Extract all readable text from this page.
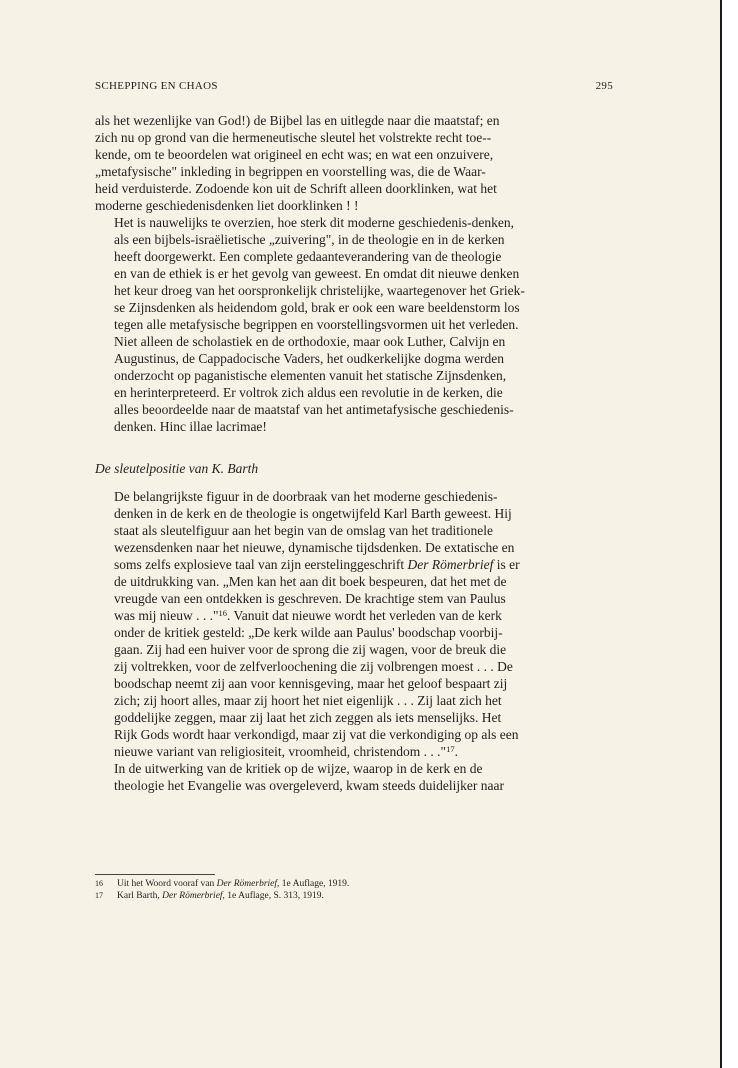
SCHEPPING EN CHAOS	295

als het wezenlijke van God!) de Bijbel las en uitlegde naar die maatstaf; en
zich nu op grond van die hermeneutische sleutel het volstrekte recht toe--
kende, om te beoordelen wat origineel en echt was; en wat een onzuivere,
„metafysische" inkleding in begrippen en voorstelling was, die de Waar-
heid verduisterde. Zodoende kon uit de Schrift alleen doorklinken, wat het
moderne geschiedenisdenken liet doorklinken ! !

Het is nauwelijks te overzien, hoe sterk dit moderne geschiedenis-denken,
als een bijbels-israëlietische „zuivering", in de theologie en in de kerken
heeft doorgewerkt. Een complete gedaanteverandering van de theologie
en van de ethiek is er het gevolg van geweest. En omdat dit nieuwe denken
het keur droeg van het oorspronkelijk christelijke, waartegenover het Griek-
se Zijnsdenken als heidendom gold, brak er ook een ware beeldenstorm los
tegen alle metafysische begrippen en voorstellingsvormen uit het verleden.
Niet alleen de scholastiek en de orthodoxie, maar ook Luther, Calvijn en
Augustinus, de Cappadocische Vaders, het oudkerkelijke dogma werden
onderzocht op paganistische elementen vanuit het statische Zijnsdenken,
en herinterpreteerd. Er voltrok zich aldus een revolutie in de kerken, die
alles beoordeelde naar de maatstaf van het antimetafysische geschiedenis-
denken. Hinc illae lacrimae!

De sleutelpositie van K. Barth

De belangrijkste figuur in de doorbraak van het moderne geschiedenis-
denken in de kerk en de theologie is ongetwijfeld Karl Barth geweest. Hij
staat als sleutelfiguur aan het begin van de omslag van het traditionele
wezensdenken naar het nieuwe, dynamische tijdsdenken. De extatische en
soms zelfs explosieve taal van zijn eerstelinggeschrift Der Römerbrief is er
de uitdrukking van. „Men kan het aan dit boek bespeuren, dat het met de
vreugde van een ontdekken is geschreven. De krachtige stem van Paulus
was mij nieuw . . ."$^{16}$. Vanuit dat nieuwe wordt het verleden van de kerk
onder de kritiek gesteld: „De kerk wilde aan Paulus' boodschap voorbij-
gaan. Zij had een huiver voor de sprong die zij wagen, voor de breuk die
zij voltrekken, voor de zelfverloochening die zij volbrengen moest . . . De
boodschap neemt zij aan voor kennisgeving, maar het geloof bespaart zij
zich; zij hoort alles, maar zij hoort het niet eigenlijk . . . Zij laat zich het
goddelijke zeggen, maar zij laat het zich zeggen als iets menselijks. Het
Rijk Gods wordt haar verkondigd, maar zij vat die verkondiging op als een
nieuwe variant van religiositeit, vroomheid, christendom . . ."$^{17}$.

In de uitwerking van de kritiek op de wijze, waarop in de kerk en de
theologie het Evangelie was overgeleverd, kwam steeds duidelijker naar

16	Uit het Woord vooraf van Der Römerbrief, 1e Auflage, 1919.
17	Karl Barth, Der Römerbrief, 1e Auflage, S. 313, 1919.
